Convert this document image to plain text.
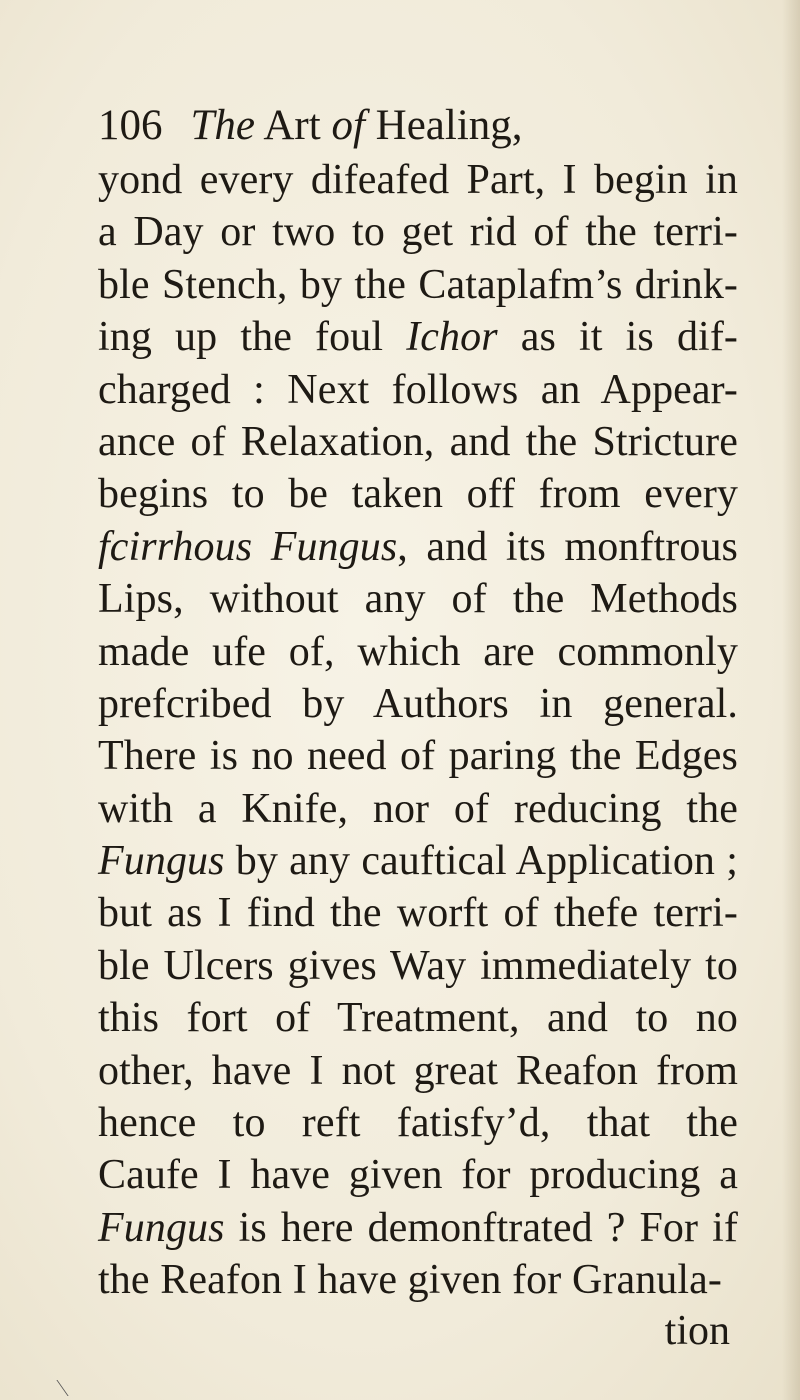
106 The Art of Healing,
yond every difeafed Part, I begin in
a Day or two to get rid of the terri-
ble Stench, by the Cataplafm’s drink-
ing up the foul Ichor as it is dif-
charged : Next follows an Appear-
ance of Relaxation, and the Stricture
begins to be taken off from every
fcirrhous Fungus, and its monftrous
Lips, without any of the Methods
made ufe of, which are commonly
prefcribed by Authors in general.
There is no need of paring the Edges
with a Knife, nor of reducing the
Fungus by any cauftical Application ;
but as I find the worft of thefe terri-
ble Ulcers gives Way immediately to
this fort of Treatment, and to no
other, have I not great Reafon from
hence to reft fatisfy’d, that the
Caufe I have given for producing a
Fungus is here demonftrated ? For if
the Reafon I have given for Granula-
tion
